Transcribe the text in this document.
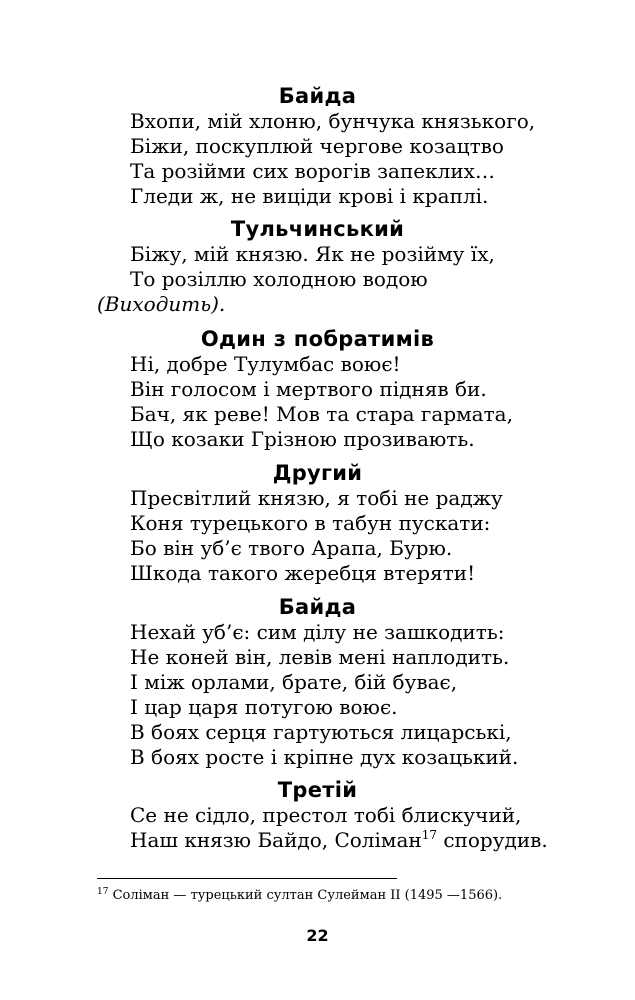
Байда
Вхопи, мій хлоню, бунчука князького,
Біжи, поскуплюй чергове козацтво
Та розійми сих ворогів запеклих…
Гледи ж, не виціди крові і краплі.
Тульчинський
Біжу, мій князю. Як не розійму їх,
То розіллю холодною водою
(Виходить).
Один з побратимів
Ні, добре Тулумбас воює!
Він голосом і мертвого підняв би.
Бач, як реве! Мов та стара гармата,
Що козаки Грізною прозивають.
Другий
Пресвітлий князю, я тобі не раджу
Коня турецького в табун пускати:
Бо він уб’є твого Арапа, Бурю.
Шкода такого жеребця втеряти!
Байда
Нехай уб’є: сим ділу не зашкодить:
Не коней він, левів мені наплодить.
І між орлами, брате, бій буває,
І цар царя потугою воює.
В боях серця гартуються лицарські,
В боях росте і кріпне дух козацький.
Третій
Се не сідло, престол тобі блискучий,
Наш князю Байдо, Соліман$^{17}$ спорудив.
$^{17}$ Соліман — турецький султан Сулейман II (1495 —1566).
22
